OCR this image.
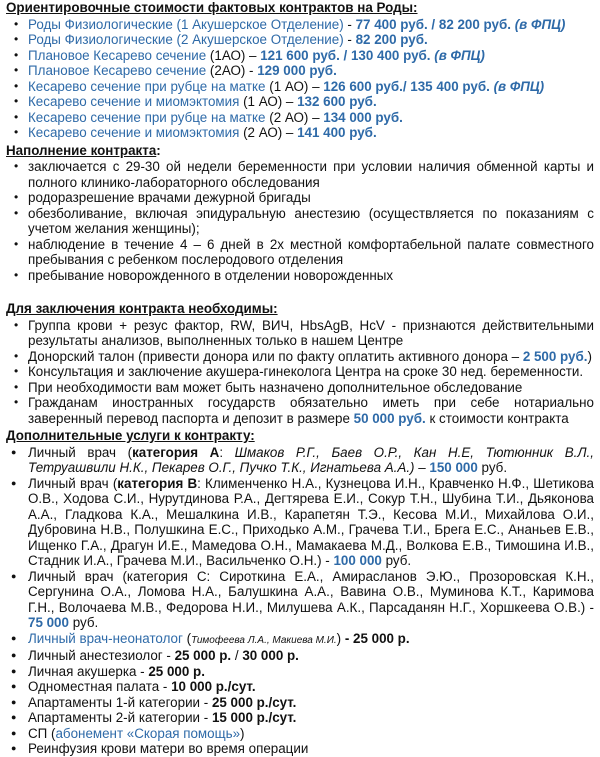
Ориентировочные стоимости фактовых контрактов на Роды:

• Роды Физиологические (1 Акушерское Отделение) - 77 400 руб. / 82 200 руб. (в ФПЦ)
• Роды Физиологические (2 Акушерское Отделение) - 82 200 руб.
• Плановое Кесарево сечение (1АО) – 121 600 руб. / 130 400 руб. (в ФПЦ)
• Плановое Кесарево сечение (2АО) - 129 000 руб.
• Кесарево сечение при рубце на матке (1 АО) – 126 600 руб./ 135 400 руб. (в ФПЦ)
• Кесарево сечение и миомэктомия (1 АО) – 132 600 руб.
• Кесарево сечение при рубце на матке (2 АО) – 134 000 руб.
• Кесарево сечение и миомэктомия (2 АО) – 141 400 руб.

Наполнение контракта:

• заключается с 29-30 ой недели беременности при условии наличия обменной карты и полного клинико-лабораторного обследования
• родоразрешение врачами дежурной бригады
• обезболивание, включая эпидуральную анестезию (осуществляется по показаниям с учетом желания женщины);
• наблюдение в течение 4 – 6 дней в 2х местной комфортабельной палате совместного пребывания с ребенком послеродового отделения
• пребывание новорожденного в отделении новорожденных

Для заключения контракта необходимы:

• Группа крови + резус фактор, RW, ВИЧ, HbsAgB, HcV - признаются действительными результаты анализов, выполненных только в нашем Центре
• Донорский талон (привести донора или по факту оплатить активного донора – 2 500 руб.)
• Консультация и заключение акушера-гинеколога Центра на сроке 30 нед. беременности.
• При необходимости вам может быть назначено дополнительное обследование
• Гражданам иностранных государств обязательно иметь при себе нотариально заверенный перевод паспорта и депозит в размере 50 000 руб. к стоимости контракта

Дополнительные услуги к контракту:

● Личный врач (категория А: Шмаков Р.Г., Баев О.Р., Кан Н.Е, Тютюнник В.Л., Тетруашвили Н.К., Пекарев О.Г., Пучко Т.К., Игнатьева А.А.) – 150 000 руб.
● Личный врач (категория В: Клименченко Н.А., Кузнецова И.Н., Кравченко Н.Ф., Шетикова О.В., Ходова С.И., Нурутдинова Р.А., Дегтярева Е.И., Сокур Т.Н., Шубина Т.И., Дьяконова А.А., Гладкова К.А., Мешалкина И.В., Карапетян Т.Э., Кесова М.И., Михайлова О.И., Дубровина Н.В., Полушкина Е.С., Приходько А.М., Грачева Т.И., Брега Е.С., Ананьев Е.В., Ищенко Г.А., Драгун И.Е., Мамедова О.Н., Мамакаева М.Д., Волкова Е.В., Тимошина И.В., Стадник И.А., Грачева М.И., Васильченко О.Н.) - 100 000 руб.
● Личный врач (категория С: Сироткина Е.А., Амирасланов Э.Ю., Прозоровская К.Н., Сергунина О.А., Ломова Н.А., Балушкина А.А., Вавина О.В., Муминова К.Т., Каримова Г.Н., Волочаева М.В., Федорова Н.И., Милушева А.К., Парсаданян Н.Г., Хоршкеева О.В.) - 75 000 руб.
● Личный врач-неонатолог (Тимофеева Л.А., Макиева М.И.) - 25 000 р.
● Личный анестезиолог - 25 000 р. / 30 000 р.
● Личная акушерка - 25 000 р.
● Одноместная палата - 10 000 р./сут.
● Апартаменты 1-й категории - 25 000 р./сут.
● Апартаменты 2-й категории - 15 000 р./сут.
● СП (абонемент «Скорая помощь»)
● Реинфузия крови матери во время операции
